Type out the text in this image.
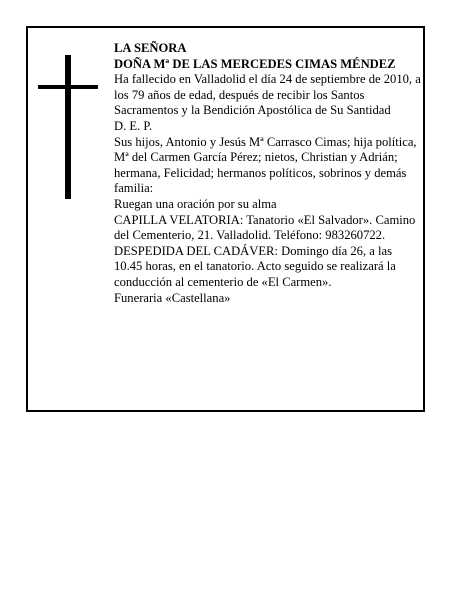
LA SEÑORA

DOÑA Mª DE LAS MERCEDES CIMAS MÉNDEZ

Ha fallecido en Valladolid el día 24 de septiembre de 2010, a los 79 años de edad, después de recibir los Santos Sacramentos y la Bendición Apostólica de Su Santidad

D. E. P.

Sus hijos, Antonio y Jesús Mª Carrasco Cimas; hija política, Mª del Carmen García Pérez; nietos, Christian y Adrián; hermana, Felicidad; hermanos políticos, sobrinos y demás familia:

Ruegan una oración por su alma

CAPILLA VELATORIA: Tanatorio «El Salvador». Camino del Cementerio, 21. Valladolid. Teléfono: 983260722.

DESPEDIDA DEL CADÁVER: Domingo día 26, a las 10.45 horas, en el tanatorio. Acto seguido se realizará la conducción al cementerio de «El Carmen».

Funeraria «Castellana»
